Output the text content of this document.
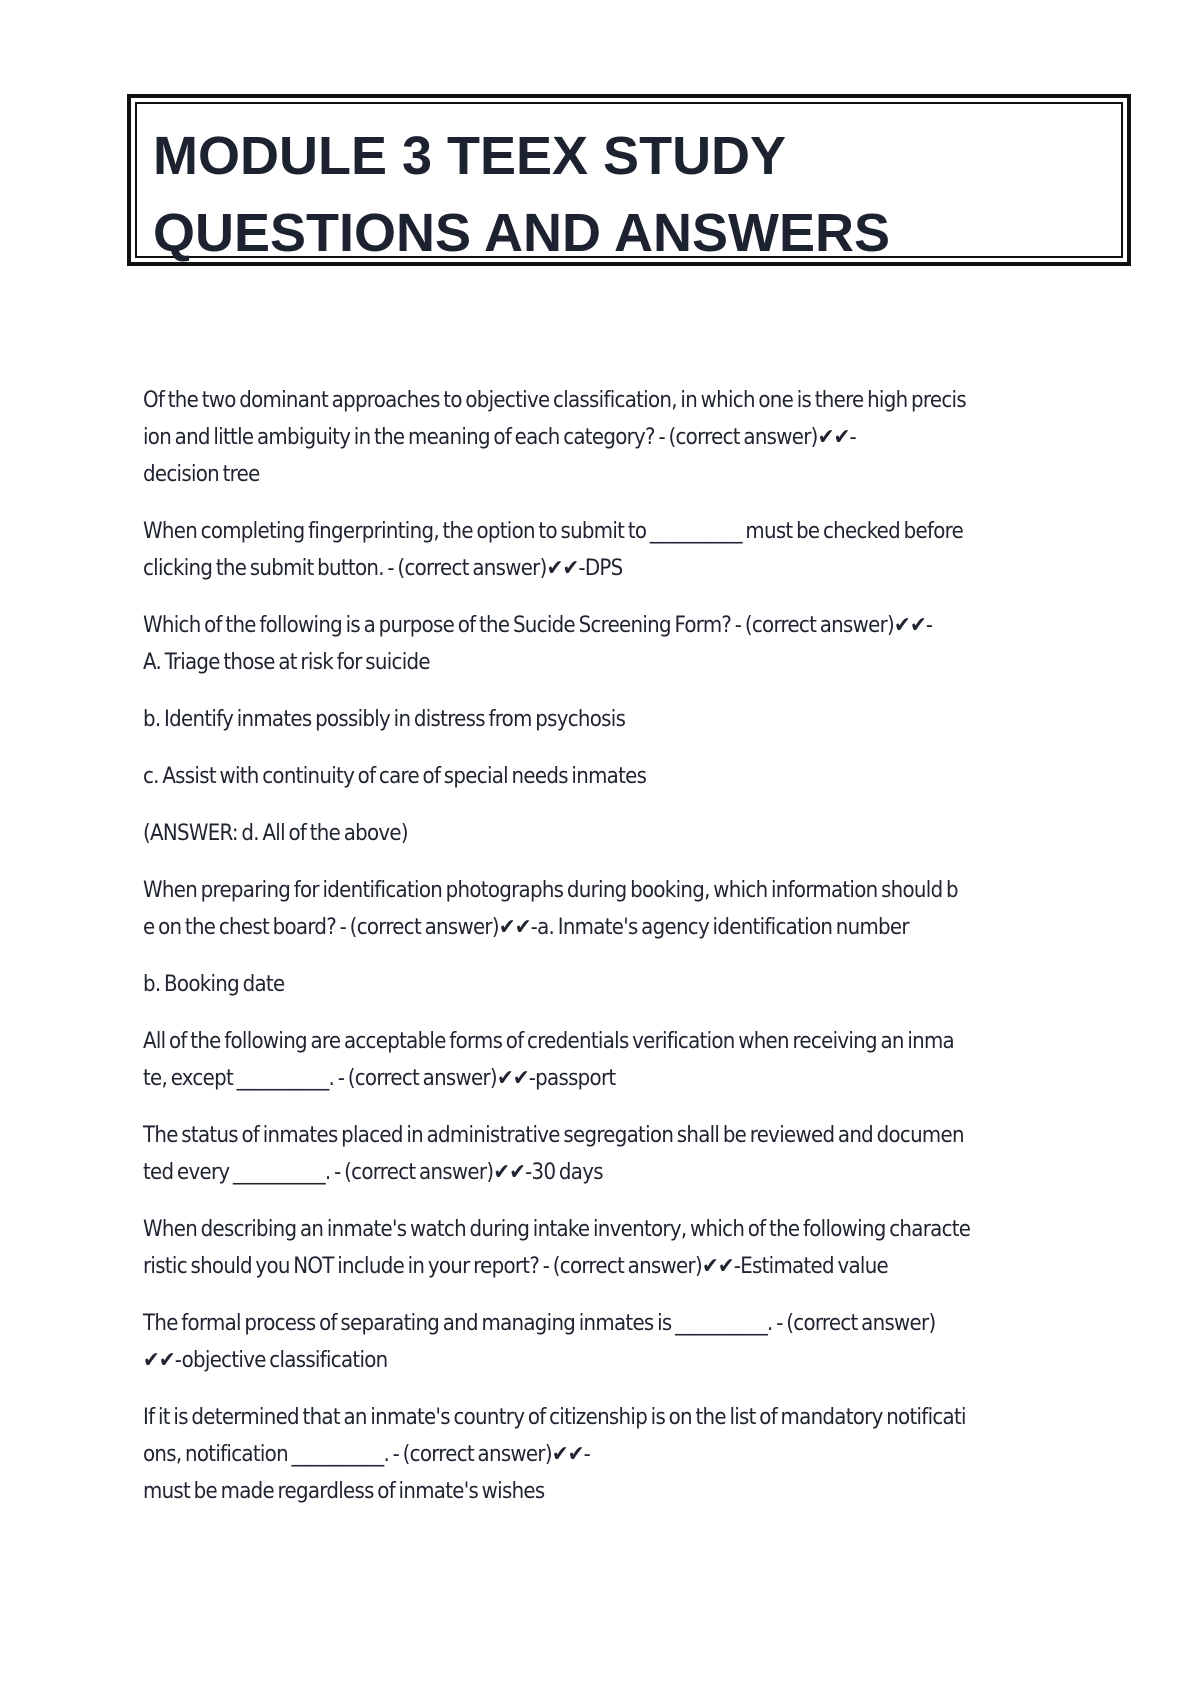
MODULE 3 TEEX STUDY
QUESTIONS AND ANSWERS
Of the two dominant approaches to objective classification, in which one is there high precis
ion and little ambiguity in the meaning of each category? - (correct answer)✔✔-
decision tree
When completing fingerprinting, the option to submit to __________ must be checked before
clicking the submit button. - (correct answer)✔✔-DPS
Which of the following is a purpose of the Sucide Screening Form? - (correct answer)✔✔-
A. Triage those at risk for suicide
b. Identify inmates possibly in distress from psychosis
c. Assist with continuity of care of special needs inmates
(ANSWER: d. All of the above)
When preparing for identification photographs during booking, which information should b
e on the chest board? - (correct answer)✔✔-a. Inmate's agency identification number
b. Booking date
All of the following are acceptable forms of credentials verification when receiving an inma
te, except __________. - (correct answer)✔✔-passport
The status of inmates placed in administrative segregation shall be reviewed and documen
ted every __________. - (correct answer)✔✔-30 days
When describing an inmate's watch during intake inventory, which of the following characte
ristic should you NOT include in your report? - (correct answer)✔✔-Estimated value
The formal process of separating and managing inmates is __________. - (correct answer)
✔✔-objective classification
If it is determined that an inmate's country of citizenship is on the list of mandatory notificati
ons, notification __________. - (correct answer)✔✔-
must be made regardless of inmate's wishes
